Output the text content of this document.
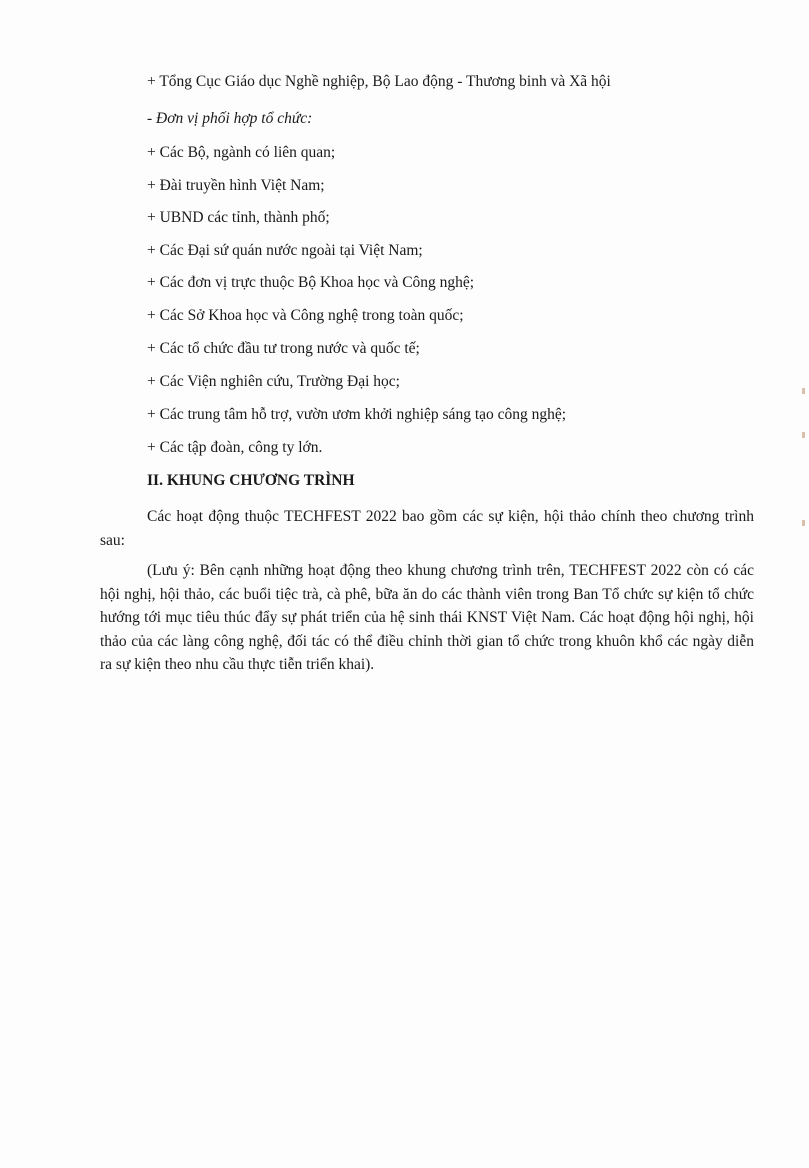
+ Tổng Cục Giáo dục Nghề nghiệp, Bộ Lao động - Thương binh và Xã hội
- Đơn vị phối hợp tổ chức:
+ Các Bộ, ngành có liên quan;
+ Đài truyền hình Việt Nam;
+ UBND các tỉnh, thành phố;
+ Các Đại sứ quán nước ngoài tại Việt Nam;
+ Các đơn vị trực thuộc Bộ Khoa học và Công nghệ;
+ Các Sở Khoa học và Công nghệ trong toàn quốc;
+ Các tổ chức đầu tư trong nước và quốc tế;
+ Các Viện nghiên cứu, Trường Đại học;
+ Các trung tâm hỗ trợ, vườn ươm khởi nghiệp sáng tạo công nghệ;
+ Các tập đoàn, công ty lớn.
II. KHUNG CHƯƠNG TRÌNH
Các hoạt động thuộc TECHFEST 2022 bao gồm các sự kiện, hội thảo chính theo chương trình sau:
(Lưu ý: Bên cạnh những hoạt động theo khung chương trình trên, TECHFEST 2022 còn có các hội nghị, hội thảo, các buổi tiệc trà, cà phê, bữa ăn do các thành viên trong Ban Tổ chức sự kiện tổ chức hướng tới mục tiêu thúc đẩy sự phát triển của hệ sinh thái KNST Việt Nam. Các hoạt động hội nghị, hội thảo của các làng công nghệ, đối tác có thể điều chỉnh thời gian tổ chức trong khuôn khổ các ngày diễn ra sự kiện theo nhu cầu thực tiễn triển khai).
